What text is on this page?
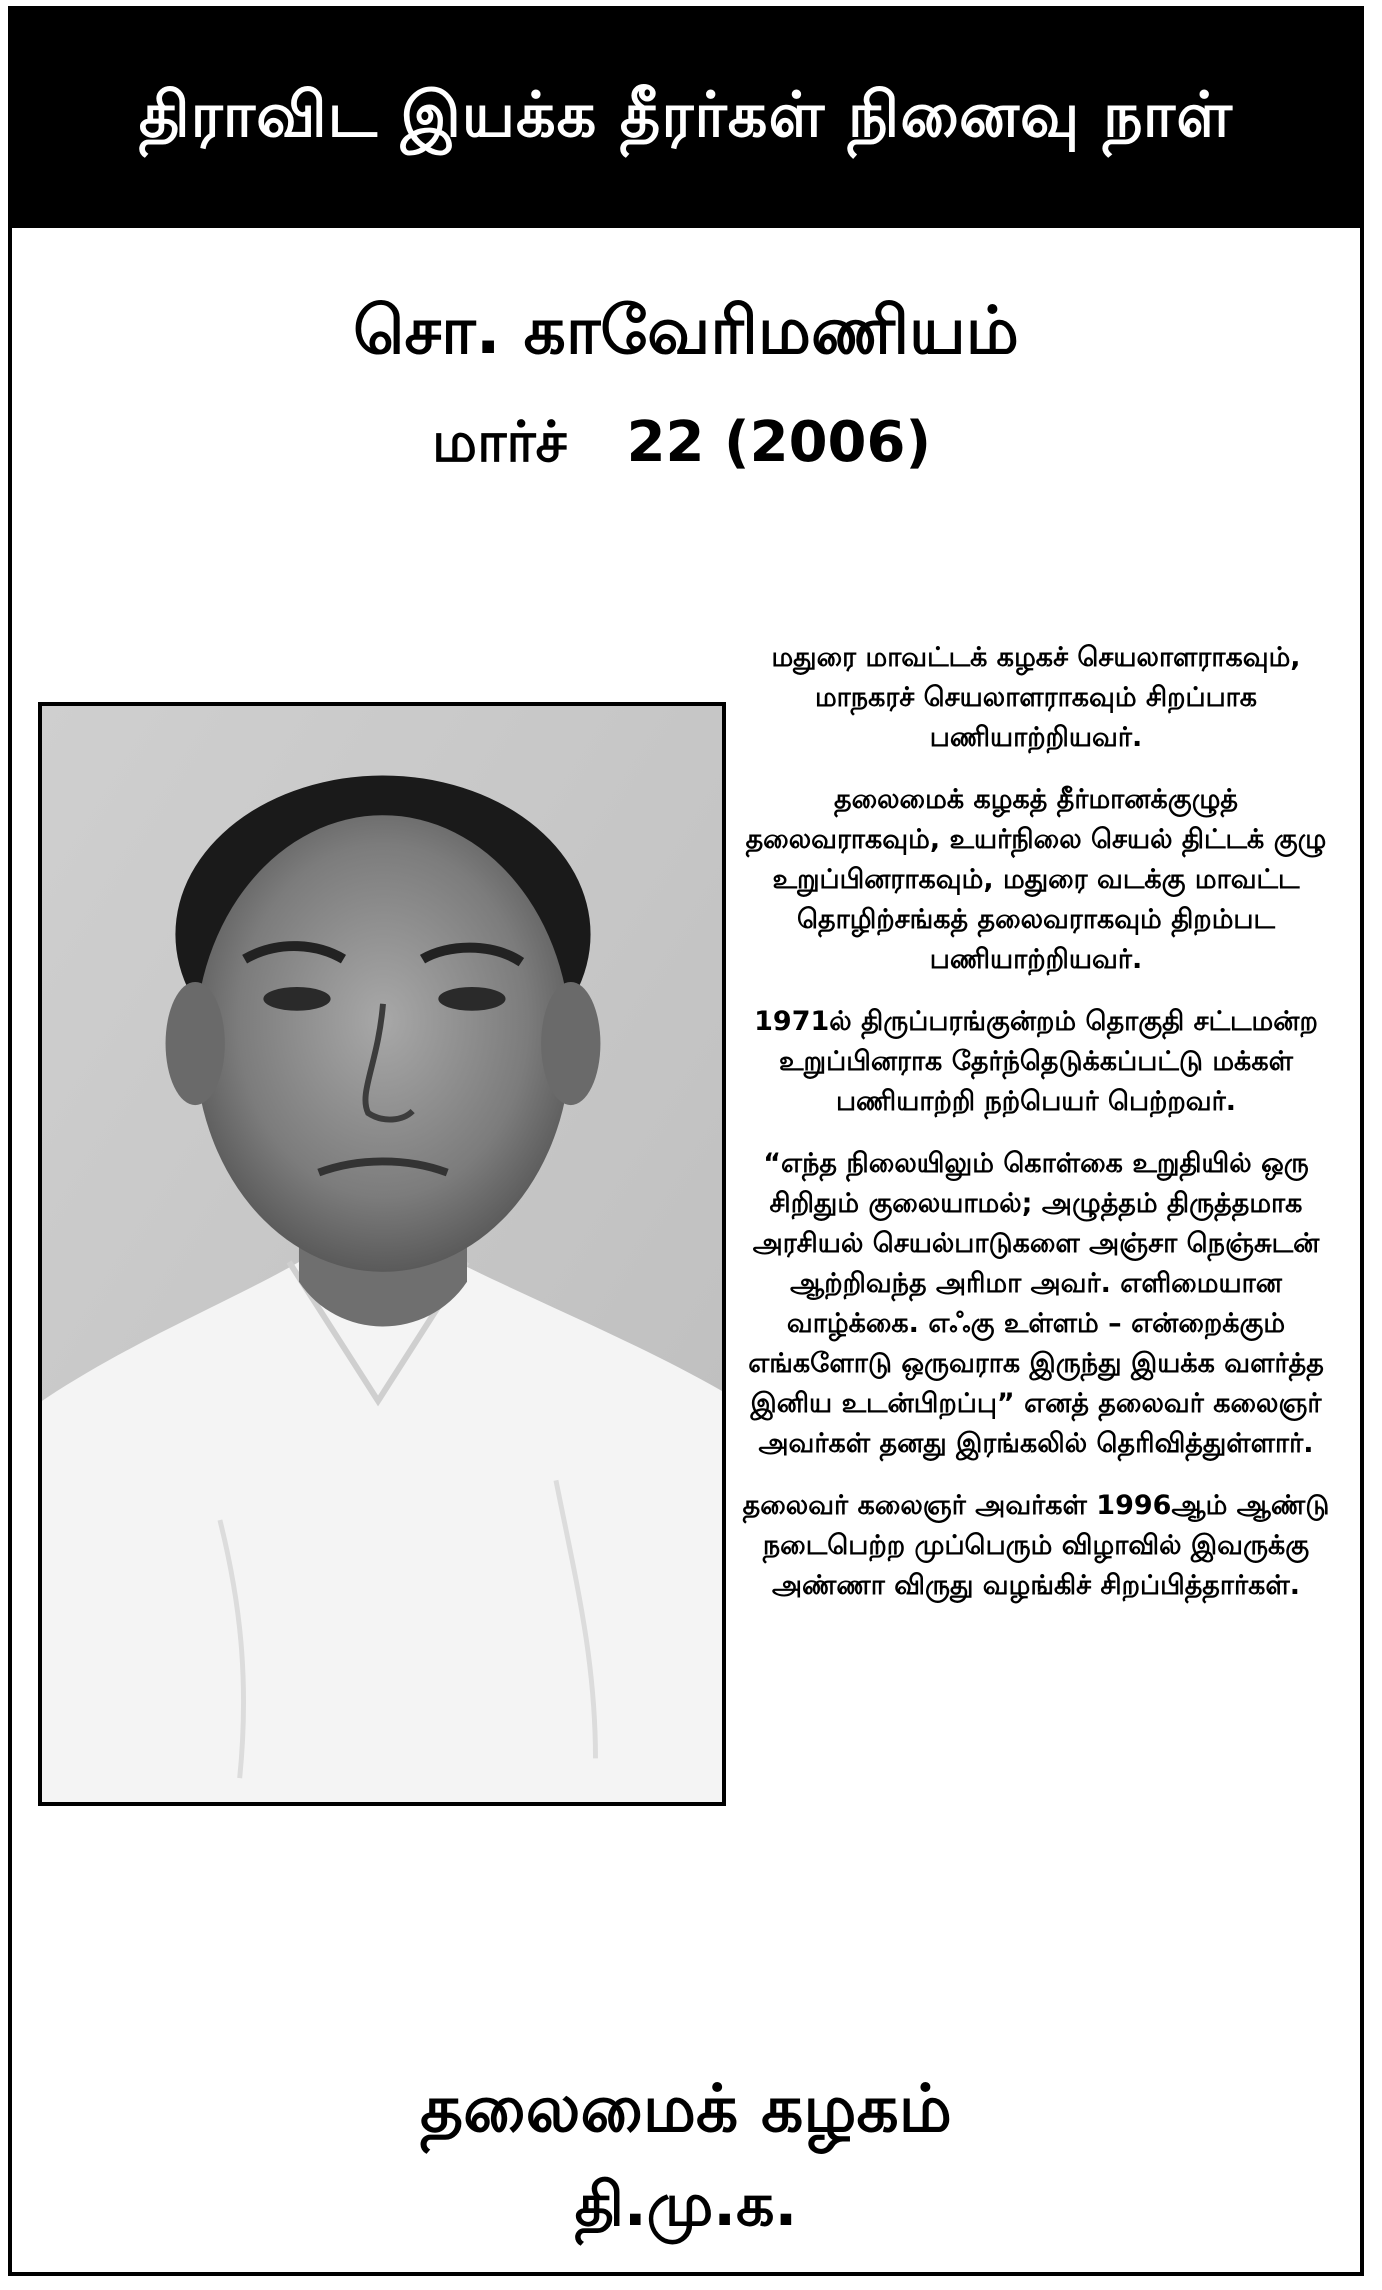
திராவிட இயக்க தீரர்கள் நினைவு நாள்
சொ. காவேரிமணியம்
மார்ச் 22 (2006)

மதுரை மாவட்டக் கழகச் செயலாளராகவும், மாநகரச் செயலாளராகவும் சிறப்பாக பணியாற்றியவர்.

தலைமைக் கழகத் தீர்மானக்குழுத் தலைவராகவும், உயர்நிலை செயல் திட்டக் குழு உறுப்பினராகவும், மதுரை வடக்கு மாவட்ட தொழிற்சங்கத் தலைவராகவும் திறம்பட பணியாற்றியவர்.

1971ல் திருப்பரங்குன்றம் தொகுதி சட்டமன்ற உறுப்பினராக தேர்ந்தெடுக்கப்பட்டு மக்கள் பணியாற்றி நற்பெயர் பெற்றவர்.

“எந்த நிலையிலும் கொள்கை உறுதியில் ஒரு சிறிதும் குலையாமல்; அழுத்தம் திருத்தமாக அரசியல் செயல்பாடுகளை அஞ்சா நெஞ்சுடன் ஆற்றிவந்த அரிமா அவர். எளிமையான வாழ்க்கை. எஃகு உள்ளம் – என்றைக்கும் எங்களோடு ஒருவராக இருந்து இயக்க வளர்த்த இனிய உடன்பிறப்பு” எனத் தலைவர் கலைஞர் அவர்கள் தனது இரங்கலில் தெரிவித்துள்ளார்.

தலைவர் கலைஞர் அவர்கள் 1996ஆம் ஆண்டு நடைபெற்ற முப்பெரும் விழாவில் இவருக்கு அண்ணா விருது வழங்கிச் சிறப்பித்தார்கள்.

தலைமைக் கழகம்
தி.மு.க.
